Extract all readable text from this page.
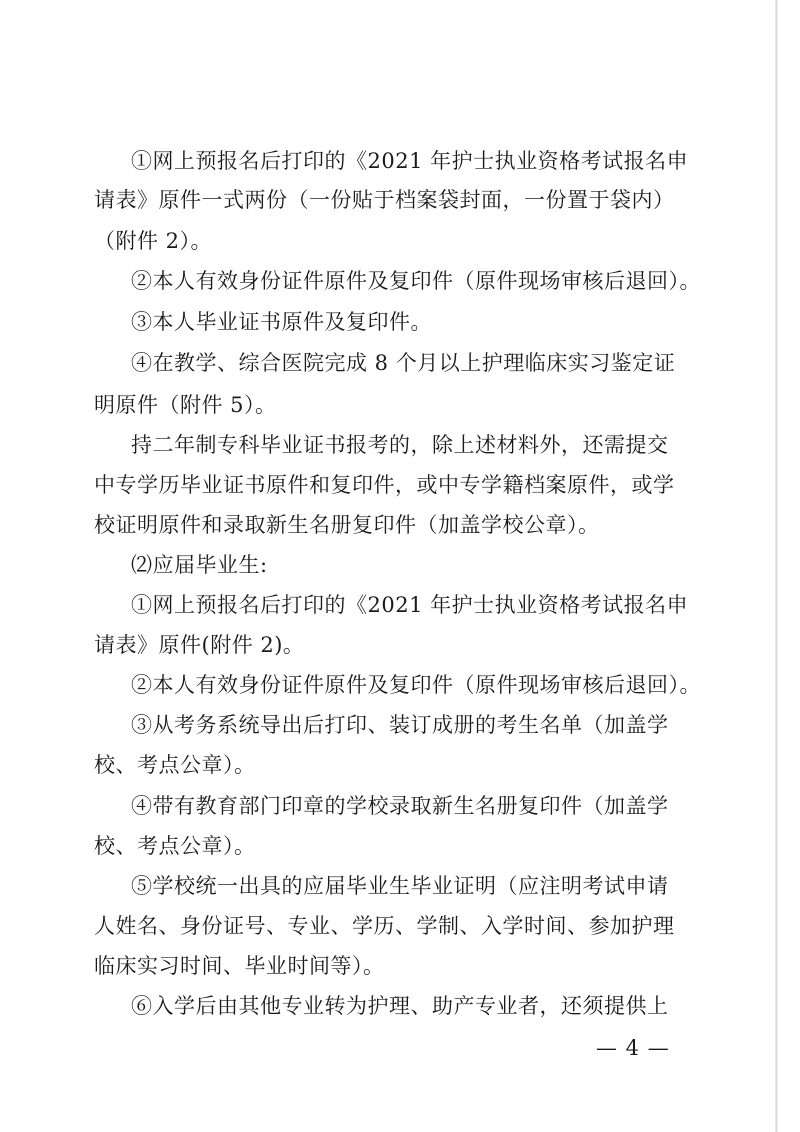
①网上预报名后打印的《2021 年护士执业资格考试报名申
请表》原件一式两份（一份贴于档案袋封面，一份置于袋内）
（附件 2）。
②本人有效身份证件原件及复印件（原件现场审核后退回）。
③本人毕业证书原件及复印件。
④在教学、综合医院完成 8 个月以上护理临床实习鉴定证
明原件（附件 5）。
持二年制专科毕业证书报考的，除上述材料外，还需提交
中专学历毕业证书原件和复印件，或中专学籍档案原件，或学
校证明原件和录取新生名册复印件（加盖学校公章）。
⑵应届毕业生:
①网上预报名后打印的《2021 年护士执业资格考试报名申
请表》原件(附件 2)。
②本人有效身份证件原件及复印件（原件现场审核后退回）。
③从考务系统导出后打印、装订成册的考生名单（加盖学
校、考点公章）。
④带有教育部门印章的学校录取新生名册复印件（加盖学
校、考点公章）。
⑤学校统一出具的应届毕业生毕业证明（应注明考试申请
人姓名、身份证号、专业、学历、学制、入学时间、参加护理
临床实习时间、毕业时间等）。
⑥入学后由其他专业转为护理、助产专业者，还须提供上
— 4 —
